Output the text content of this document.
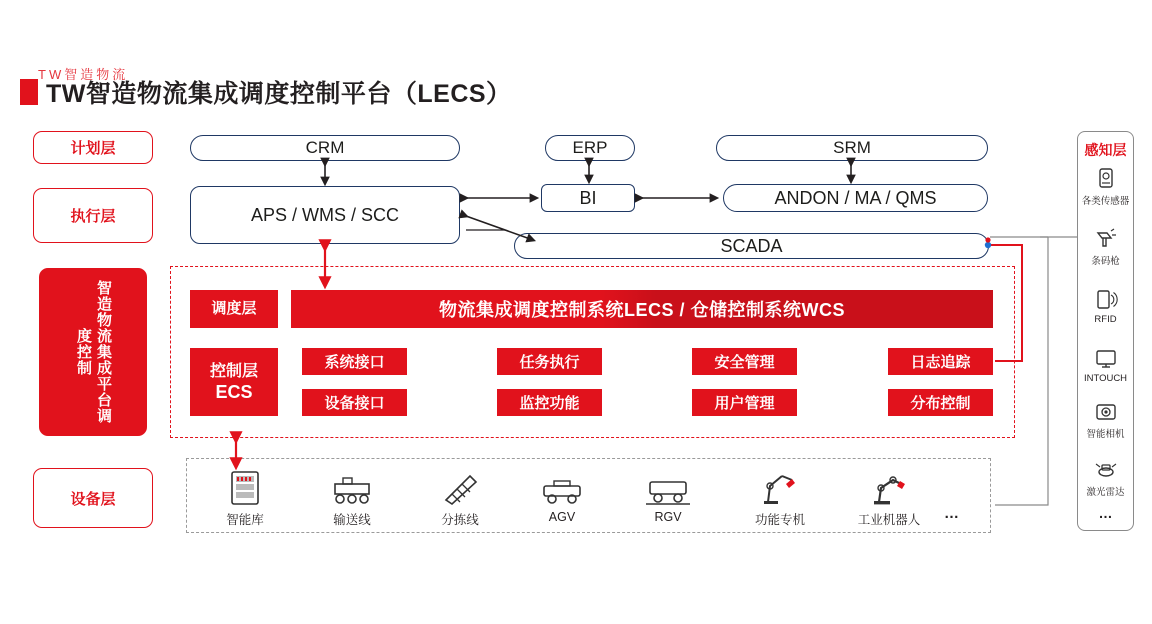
TW智造物流
TW智造物流集成调度控制平台（LECS）
计划层
执行层
智造物流集成平台调度控制
设备层
CRM	ERP	SRM
APS / WMS / SCC
BI	ANDON / MA / QMS
SCADA
调度层
控制层
ECS
物流集成调度控制系统LECS / 仓储控制系统WCS
系统接口	任务执行	安全管理	日志追踪
设备接口	监控功能	用户管理	分布控制
智能库	输送线	分拣线	AGV	RGV	功能专机	工业机器人	…
感知层
各类传感器
条码枪
RFID
INTOUCH
智能相机
激光雷达
…
